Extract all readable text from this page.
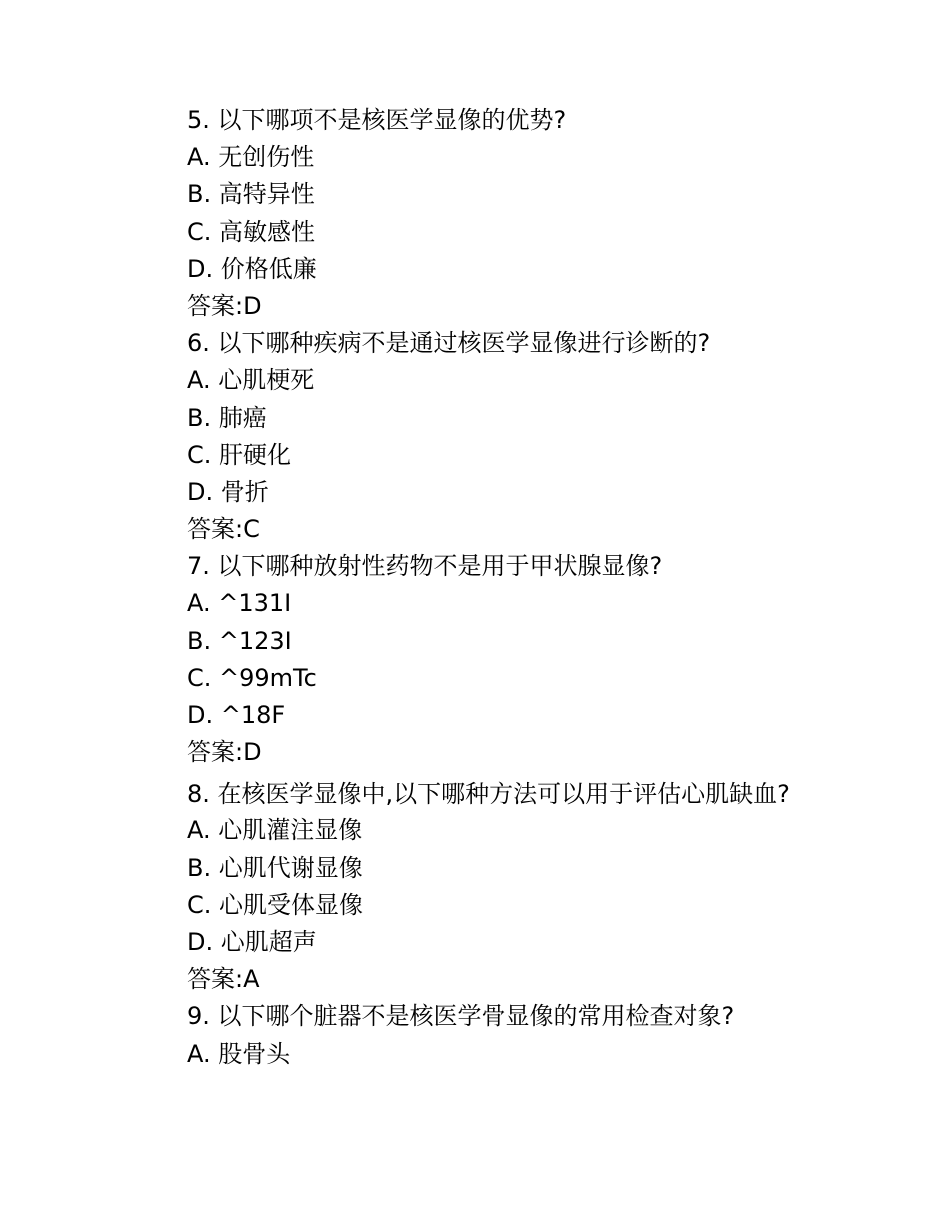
5. 以下哪项不是核医学显像的优势?
A. 无创伤性
B. 高特异性
C. 高敏感性
D. 价格低廉
答案:D
6. 以下哪种疾病不是通过核医学显像进行诊断的?
A. 心肌梗死
B. 肺癌
C. 肝硬化
D. 骨折
答案:C
7. 以下哪种放射性药物不是用于甲状腺显像?
A. ^131I
B. ^123I
C. ^99mTc
D. ^18F
答案:D
8. 在核医学显像中,以下哪种方法可以用于评估心肌缺血?
A. 心肌灌注显像
B. 心肌代谢显像
C. 心肌受体显像
D. 心肌超声
答案:A
9. 以下哪个脏器不是核医学骨显像的常用检查对象?
A. 股骨头
